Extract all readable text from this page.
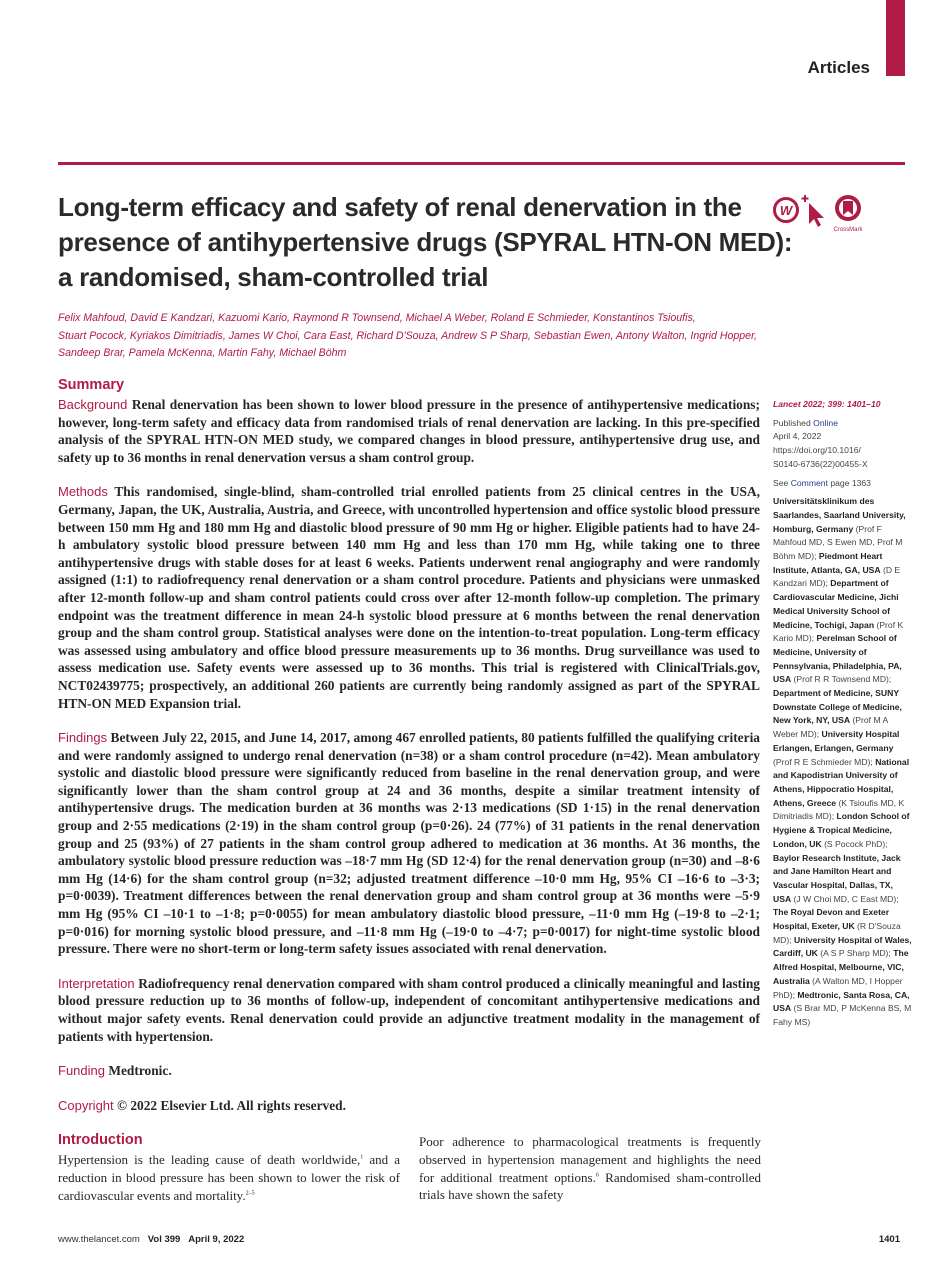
Articles
Long-term efficacy and safety of renal denervation in the
presence of antihypertensive drugs (SPYRAL HTN-ON MED):
a randomised, sham-controlled trial
W
CrossMark

Felix Mahfoud, David E Kandzari, Kazuomi Kario, Raymond R Townsend, Michael A Weber, Roland E Schmieder, Konstantinos Tsioufis,
Stuart Pocock, Kyriakos Dimitriadis, James W Choi, Cara East, Richard D'Souza, Andrew S P Sharp, Sebastian Ewen, Antony Walton, Ingrid Hopper,
Sandeep Brar, Pamela McKenna, Martin Fahy, Michael Böhm

Summary

Background Renal denervation has been shown to lower blood pressure in the presence of antihypertensive medications; however, long-term safety and efficacy data from randomised trials of renal denervation are lacking. In this pre-specified analysis of the SPYRAL HTN-ON MED study, we compared changes in blood pressure, antihypertensive drug use, and safety up to 36 months in renal denervation versus a sham control group.

Methods This randomised, single-blind, sham-controlled trial enrolled patients from 25 clinical centres in the USA, Germany, Japan, the UK, Australia, Austria, and Greece, with uncontrolled hypertension and office systolic blood pressure between 150 mm Hg and 180 mm Hg and diastolic blood pressure of 90 mm Hg or higher. Eligible patients had to have 24-h ambulatory systolic blood pressure between 140 mm Hg and less than 170 mm Hg, while taking one to three antihypertensive drugs with stable doses for at least 6 weeks. Patients underwent renal angiography and were randomly assigned (1:1) to radiofrequency renal denervation or a sham control procedure. Patients and physicians were unmasked after 12-month follow-up and sham control patients could cross over after 12-month follow-up completion. The primary endpoint was the treatment difference in mean 24-h systolic blood pressure at 6 months between the renal denervation group and the sham control group. Statistical analyses were done on the intention-to-treat population. Long-term efficacy was assessed using ambulatory and office blood pressure measurements up to 36 months. Drug surveillance was used to assess medication use. Safety events were assessed up to 36 months. This trial is registered with ClinicalTrials.gov, NCT02439775; prospectively, an additional 260 patients are currently being randomly assigned as part of the SPYRAL HTN-ON MED Expansion trial.

Findings Between July 22, 2015, and June 14, 2017, among 467 enrolled patients, 80 patients fulfilled the qualifying criteria and were randomly assigned to undergo renal denervation (n=38) or a sham control procedure (n=42). Mean ambulatory systolic and diastolic blood pressure were significantly reduced from baseline in the renal denervation group, and were significantly lower than the sham control group at 24 and 36 months, despite a similar treatment intensity of antihypertensive drugs. The medication burden at 36 months was 2·13 medications (SD 1·15) in the renal denervation group and 2·55 medications (2·19) in the sham control group (p=0·26). 24 (77%) of 31 patients in the renal denervation group and 25 (93%) of 27 patients in the sham control group adhered to medication at 36 months. At 36 months, the ambulatory systolic blood pressure reduction was –18·7 mm Hg (SD 12·4) for the renal denervation group (n=30) and –8·6 mm Hg (14·6) for the sham control group (n=32; adjusted treatment difference –10·0 mm Hg, 95% CI –16·6 to –3·3; p=0·0039). Treatment differences between the renal denervation group and sham control group at 36 months were –5·9 mm Hg (95% CI –10·1 to –1·8; p=0·0055) for mean ambulatory diastolic blood pressure, –11·0 mm Hg (–19·8 to –2·1; p=0·016) for morning systolic blood pressure, and –11·8 mm Hg (–19·0 to –4·7; p=0·0017) for night-time systolic blood pressure. There were no short-term or long-term safety issues associated with renal denervation.

Interpretation Radiofrequency renal denervation compared with sham control produced a clinically meaningful and lasting blood pressure reduction up to 36 months of follow-up, independent of concomitant antihypertensive medications and without major safety events. Renal denervation could provide an adjunctive treatment modality in the management of patients with hypertension.

Funding Medtronic.

Copyright © 2022 Elsevier Ltd. All rights reserved.

Introduction

Hypertension is the leading cause of death worldwide,$^1$ and a reduction in blood pressure has been shown to lower the risk of cardiovascular events and mortality.$^{2-5}$

Poor adherence to pharmacological treatments is frequently observed in hypertension management and highlights the need for additional treatment options.$^6$ Randomised sham-controlled trials have shown the safety

Lancet 2022; 399: 1401–10
Published Online
April 4, 2022
https://doi.org/10.1016/
S0140-6736(22)00455-X
See Comment page 1363
Universitätsklinikum des Saarlandes, Saarland University, Homburg, Germany (Prof F Mahfoud MD, S Ewen MD, Prof M Böhm MD); Piedmont Heart Institute, Atlanta, GA, USA (D E Kandzari MD); Department of Cardiovascular Medicine, Jichi Medical University School of Medicine, Tochigi, Japan (Prof K Kario MD); Perelman School of Medicine, University of Pennsylvania, Philadelphia, PA, USA (Prof R R Townsend MD); Department of Medicine, SUNY Downstate College of Medicine, New York, NY, USA (Prof M A Weber MD); University Hospital Erlangen, Erlangen, Germany (Prof R E Schmieder MD); National and Kapodistrian University of Athens, Hippocratio Hospital, Athens, Greece (K Tsioufis MD, K Dimitriadis MD); London School of Hygiene & Tropical Medicine, London, UK (S Pocock PhD); Baylor Research Institute, Jack and Jane Hamilton Heart and Vascular Hospital, Dallas, TX, USA (J W Choi MD, C East MD); The Royal Devon and Exeter Hospital, Exeter, UK (R D'Souza MD); University Hospital of Wales, Cardiff, UK (A S P Sharp MD); The Alfred Hospital, Melbourne, VIC, Australia (A Walton MD, I Hopper PhD); Medtronic, Santa Rosa, CA, USA (S Brar MD, P McKenna BS, M Fahy MS)
www.thelancet.com Vol 399 April 9, 2022	1401
